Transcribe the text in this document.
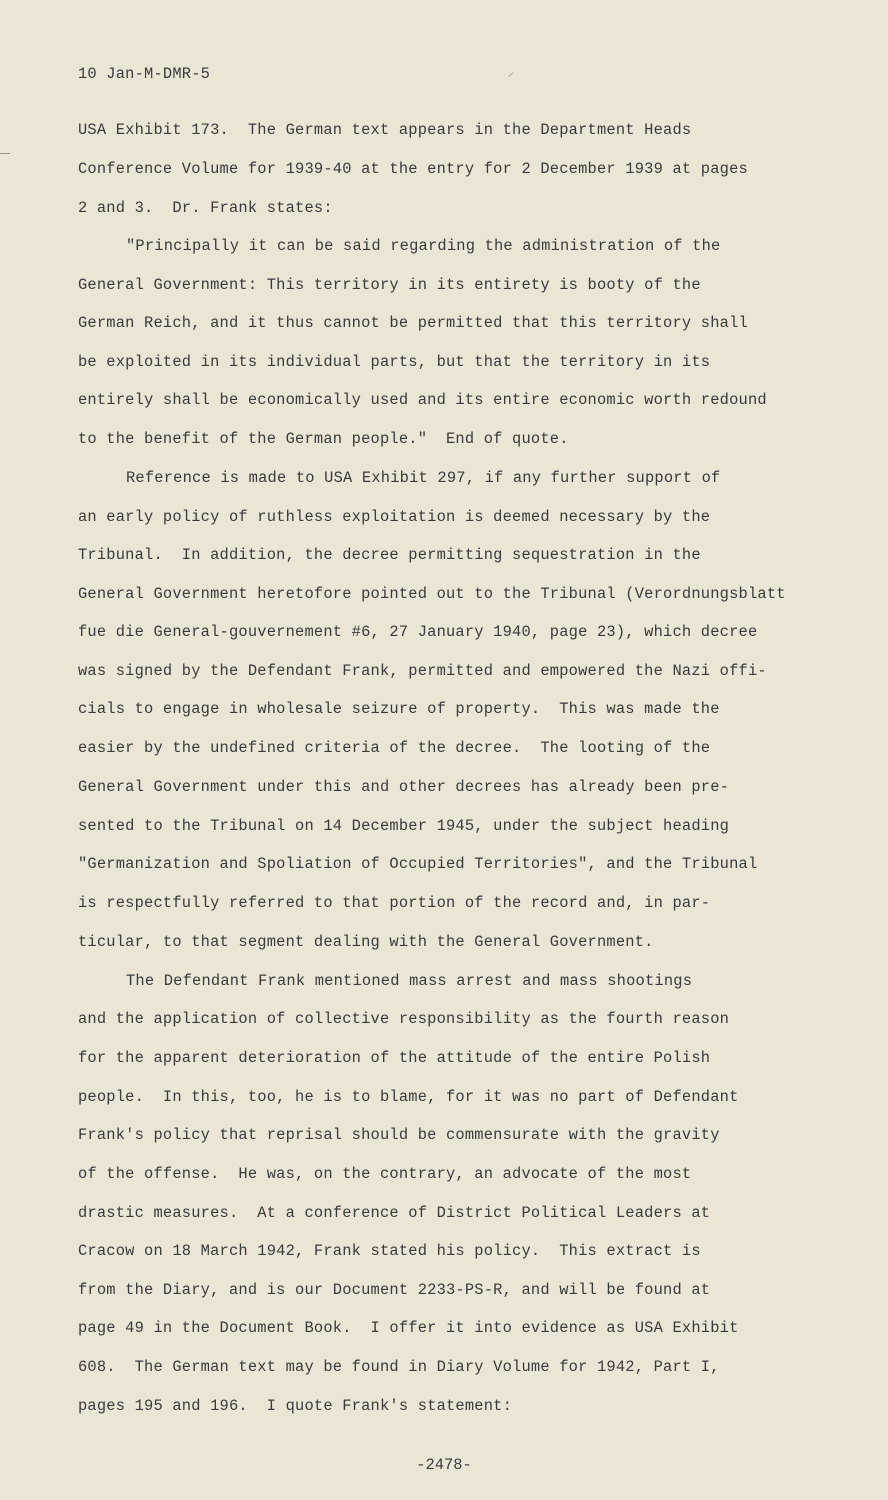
10 Jan-M-DMR-5
USA Exhibit 173.  The German text appears in the Department Heads
Conference Volume for 1939-40 at the entry for 2 December 1939 at pages
2 and 3.  Dr. Frank states:
"Principally it can be said regarding the administration of the
General Government: This territory in its entirety is booty of the
German Reich, and it thus cannot be permitted that this territory shall
be exploited in its individual parts, but that the territory in its
entirely shall be economically used and its entire economic worth redound
to the benefit of the German people."  End of quote.
Reference is made to USA Exhibit 297, if any further support of
an early policy of ruthless exploitation is deemed necessary by the
Tribunal.  In addition, the decree permitting sequestration in the
General Government heretofore pointed out to the Tribunal (Verordnungsblatt
fue die General-gouvernement #6, 27 January 1940, page 23), which decree
was signed by the Defendant Frank, permitted and empowered the Nazi offi-
cials to engage in wholesale seizure of property.  This was made the
easier by the undefined criteria of the decree.  The looting of the
General Government under this and other decrees has already been pre-
sented to the Tribunal on 14 December 1945, under the subject heading
"Germanization and Spoliation of Occupied Territories", and the Tribunal
is respectfully referred to that portion of the record and, in par-
ticular, to that segment dealing with the General Government.
The Defendant Frank mentioned mass arrest and mass shootings
and the application of collective responsibility as the fourth reason
for the apparent deterioration of the attitude of the entire Polish
people.  In this, too, he is to blame, for it was no part of Defendant
Frank's policy that reprisal should be commensurate with the gravity
of the offense.  He was, on the contrary, an advocate of the most
drastic measures.  At a conference of District Political Leaders at
Cracow on 18 March 1942, Frank stated his policy.  This extract is
from the Diary, and is our Document 2233-PS-R, and will be found at
page 49 in the Document Book.  I offer it into evidence as USA Exhibit
608.  The German text may be found in Diary Volume for 1942, Part I,
pages 195 and 196.  I quote Frank's statement:
-2478-
